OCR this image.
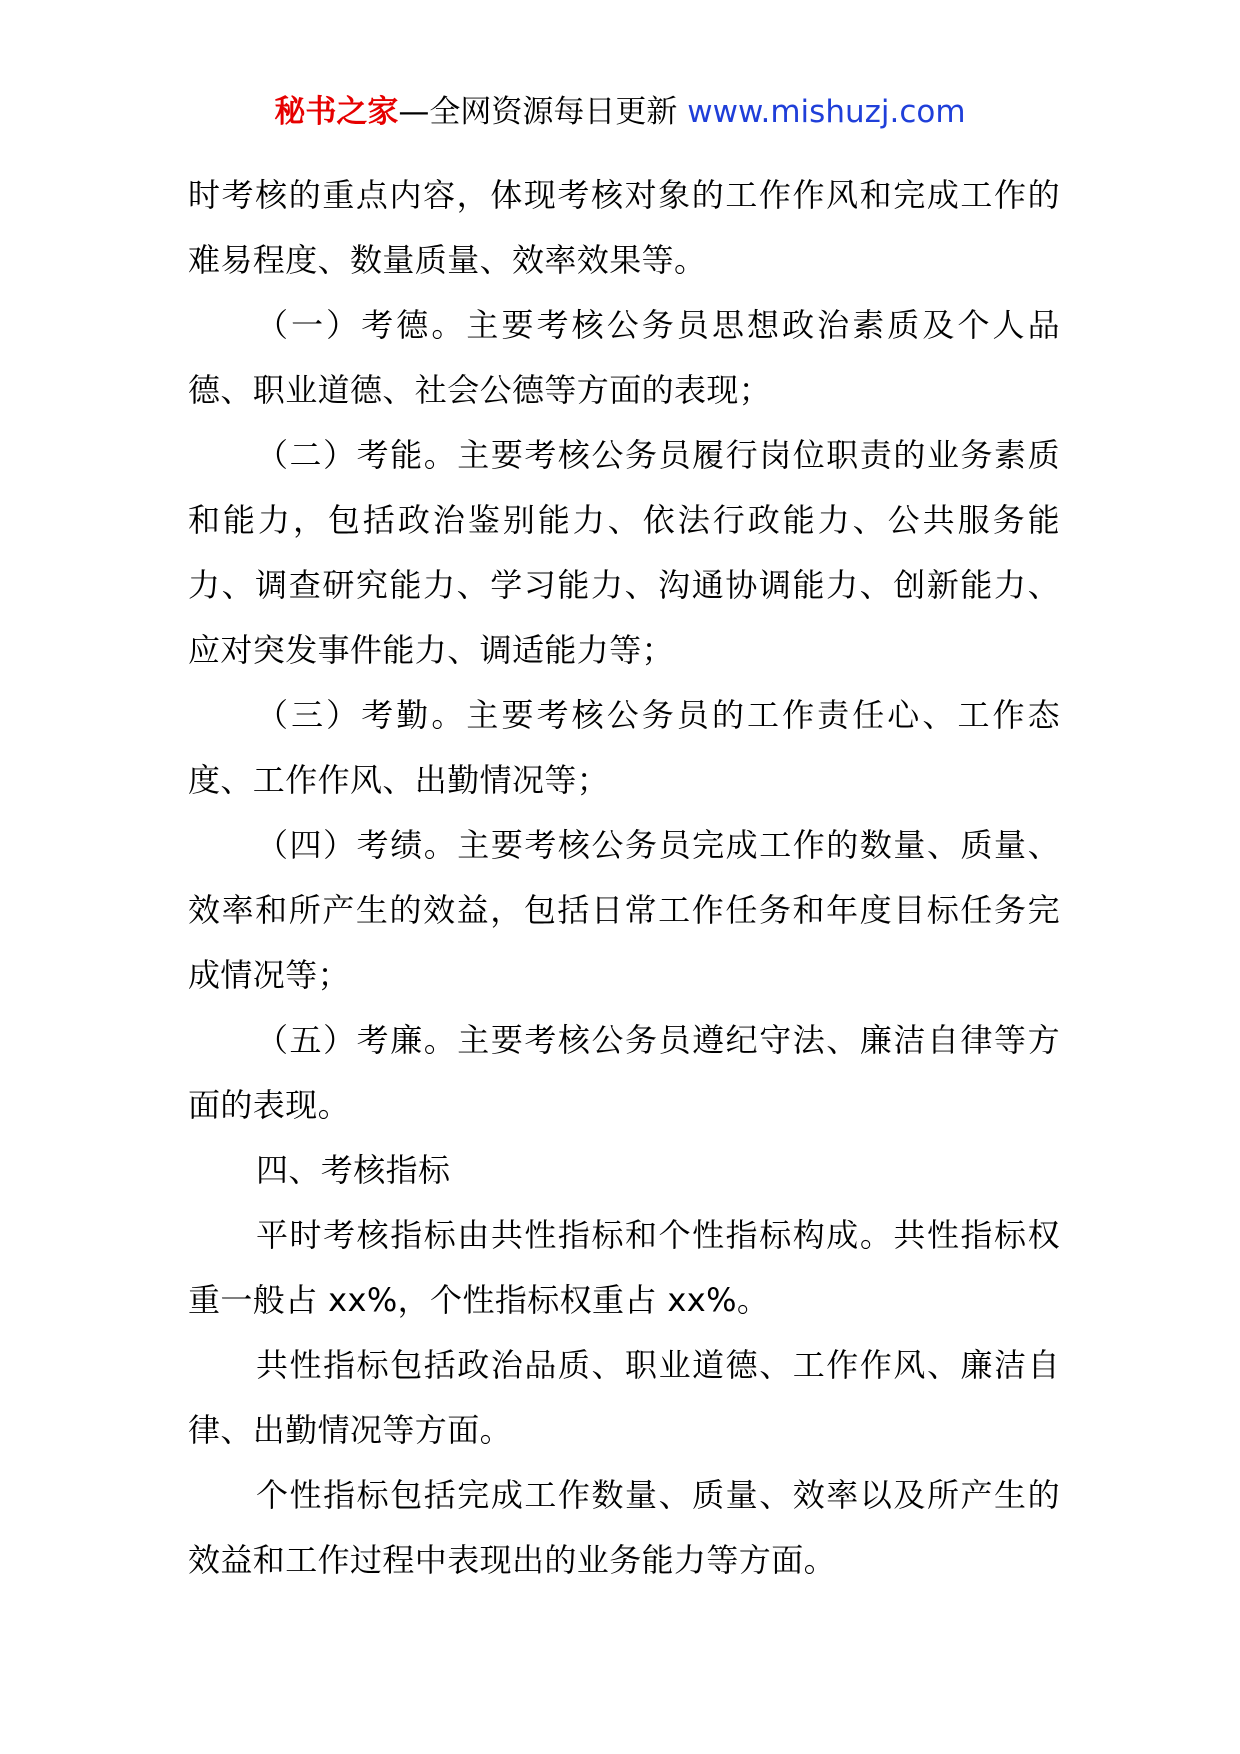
秘书之家—全网资源每日更新 www.mishuzj.com

时考核的重点内容，体现考核对象的工作作风和完成工作的难易程度、数量质量、效率效果等。

（一）考德。主要考核公务员思想政治素质及个人品德、职业道德、社会公德等方面的表现；

（二）考能。主要考核公务员履行岗位职责的业务素质和能力，包括政治鉴别能力、依法行政能力、公共服务能力、调查研究能力、学习能力、沟通协调能力、创新能力、应对突发事件能力、调适能力等；

（三）考勤。主要考核公务员的工作责任心、工作态度、工作作风、出勤情况等；

（四）考绩。主要考核公务员完成工作的数量、质量、效率和所产生的效益，包括日常工作任务和年度目标任务完成情况等；

（五）考廉。主要考核公务员遵纪守法、廉洁自律等方面的表现。

四、考核指标

平时考核指标由共性指标和个性指标构成。共性指标权重一般占 xx%，个性指标权重占 xx%。

共性指标包括政治品质、职业道德、工作作风、廉洁自律、出勤情况等方面。

个性指标包括完成工作数量、质量、效率以及所产生的效益和工作过程中表现出的业务能力等方面。
